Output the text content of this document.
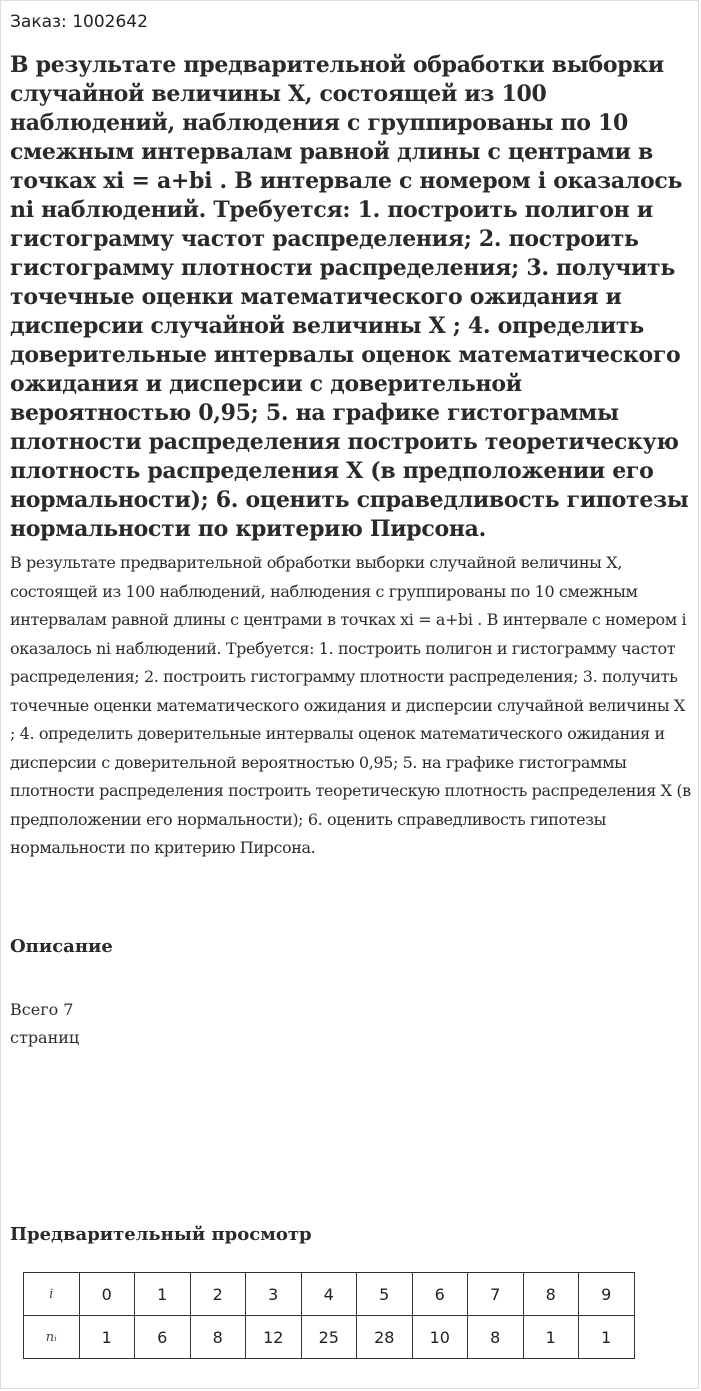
Заказ: 1002642
В результате предварительной обработки выборки случайной величины X, состоящей из 100 наблюдений, наблюдения с группированы по 10 смежным интервалам равной длины с центрами в точках xi = a+bi . В интервале с номером i оказалось ni наблюдений. Требуется: 1. построить полигон и гистограмму частот распределения; 2. построить гистограмму плотности распределения; 3. получить точечные оценки математического ожидания и дисперсии случайной величины X ; 4. определить доверительные интервалы оценок математического ожидания и дисперсии с доверительной вероятностью 0,95; 5. на графике гистограммы плотности распределения построить теоретическую плотность распределения X (в предположении его нормальности); 6. оценить справедливость гипотезы нормальности по критерию Пирсона.

В результате предварительной обработки выборки случайной величины X, состоящей из 100 наблюдений, наблюдения с группированы по 10 смежным интервалам равной длины с центрами в точках xi = a+bi . В интервале с номером i оказалось ni наблюдений. Требуется: 1. построить полигон и гистограмму частот распределения; 2. построить гистограмму плотности распределения; 3. получить точечные оценки математического ожидания и дисперсии случайной величины X ; 4. определить доверительные интервалы оценок математического ожидания и дисперсии с доверительной вероятностью 0,95; 5. на графике гистограммы плотности распределения построить теоретическую плотность распределения X (в предположении его нормальности); 6. оценить справедливость гипотезы нормальности по критерию Пирсона.

Описание
Всего 7
страниц
Предварительный просмотр
i	0	1	2	3	4	5	6	7	8	9
nᵢ	1	6	8	12	25	28	10	8	1	1
